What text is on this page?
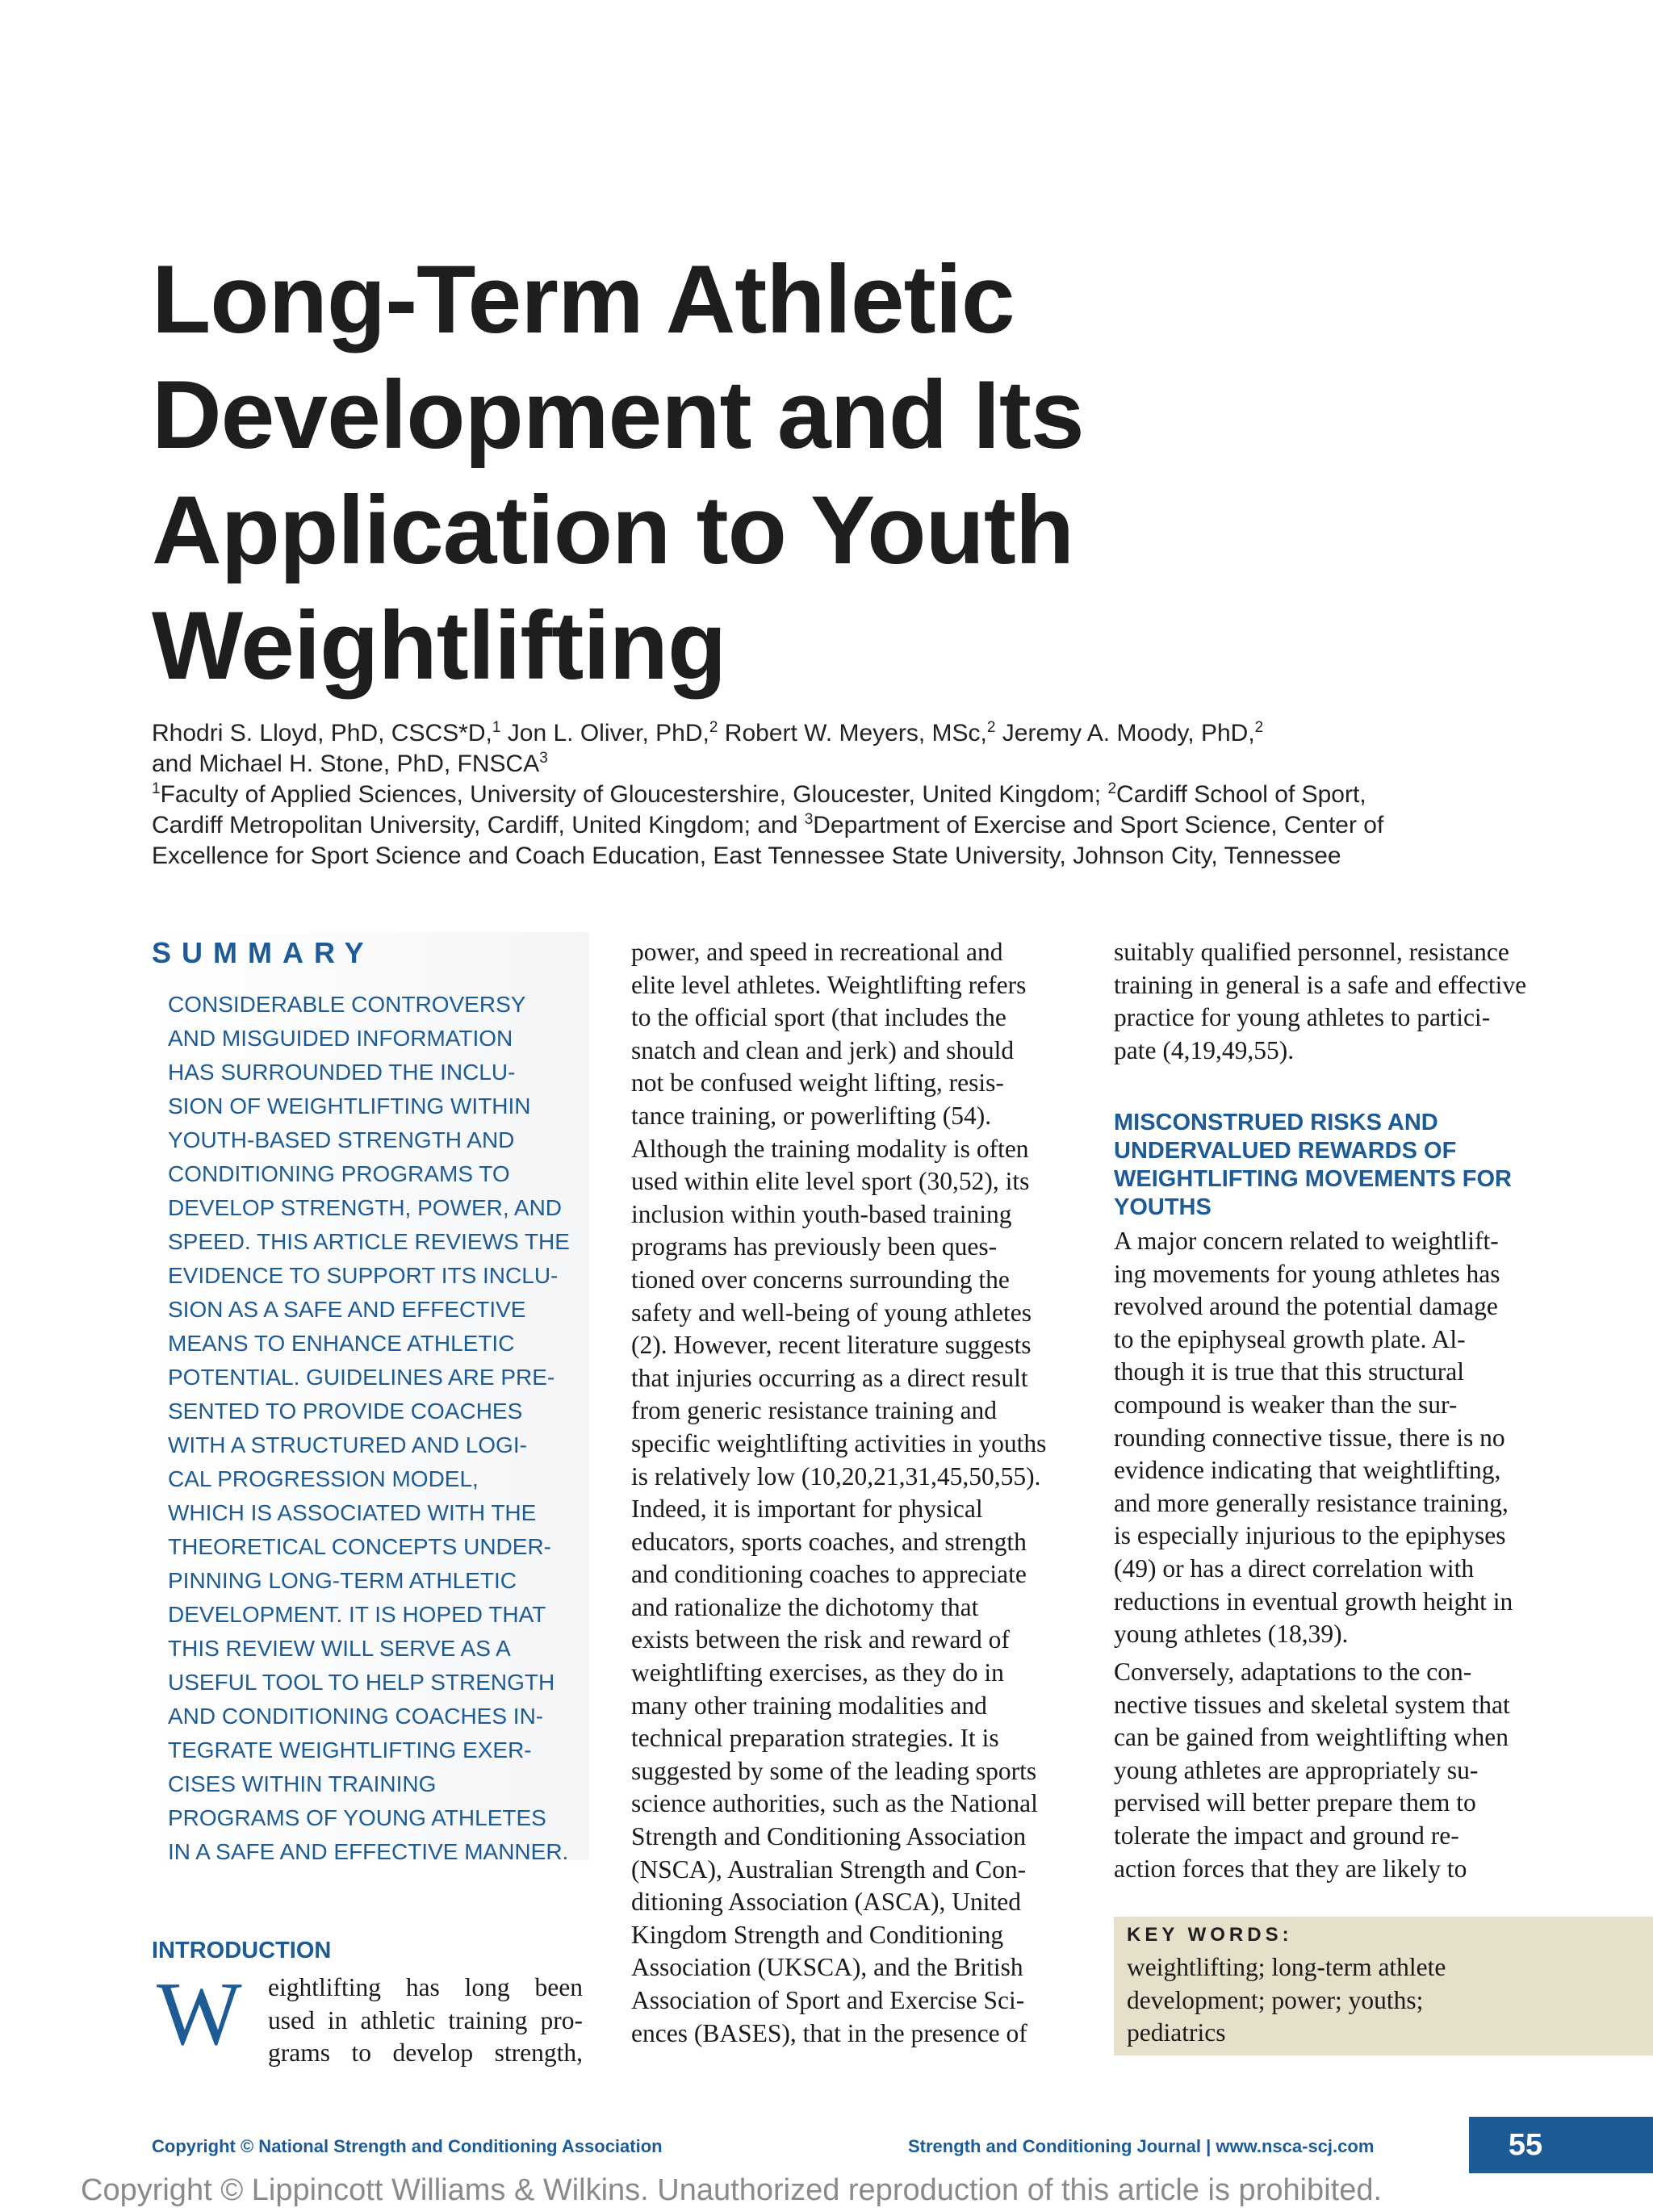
Long-Term Athletic
Development and Its
Application to Youth
Weightlifting
Rhodri S. Lloyd, PhD, CSCS*D,$^1$ Jon L. Oliver, PhD,$^2$ Robert W. Meyers, MSc,$^2$ Jeremy A. Moody, PhD,$^2$
and Michael H. Stone, PhD, FNSCA$^3$
$^1$Faculty of Applied Sciences, University of Gloucestershire, Gloucester, United Kingdom; $^2$Cardiff School of Sport,
Cardiff Metropolitan University, Cardiff, United Kingdom; and $^3$Department of Exercise and Sport Science, Center of
Excellence for Sport Science and Coach Education, East Tennessee State University, Johnson City, Tennessee
SUMMARY
CONSIDERABLE CONTROVERSY
AND MISGUIDED INFORMATION
HAS SURROUNDED THE INCLU-
SION OF WEIGHTLIFTING WITHIN
YOUTH-BASED STRENGTH AND
CONDITIONING PROGRAMS TO
DEVELOP STRENGTH, POWER, AND
SPEED. THIS ARTICLE REVIEWS THE
EVIDENCE TO SUPPORT ITS INCLU-
SION AS A SAFE AND EFFECTIVE
MEANS TO ENHANCE ATHLETIC
POTENTIAL. GUIDELINES ARE PRE-
SENTED TO PROVIDE COACHES
WITH A STRUCTURED AND LOGI-
CAL PROGRESSION MODEL,
WHICH IS ASSOCIATED WITH THE
THEORETICAL CONCEPTS UNDER-
PINNING LONG-TERM ATHLETIC
DEVELOPMENT. IT IS HOPED THAT
THIS REVIEW WILL SERVE AS A
USEFUL TOOL TO HELP STRENGTH
AND CONDITIONING COACHES IN-
TEGRATE WEIGHTLIFTING EXER-
CISES WITHIN TRAINING
PROGRAMS OF YOUNG ATHLETES
IN A SAFE AND EFFECTIVE MANNER.
INTRODUCTION
W eightlifting has long been
used in athletic training pro-
grams to develop strength,
power, and speed in recreational and
elite level athletes. Weightlifting refers
to the official sport (that includes the
snatch and clean and jerk) and should
not be confused weight lifting, resis-
tance training, or powerlifting (54).
Although the training modality is often
used within elite level sport (30,52), its
inclusion within youth-based training
programs has previously been ques-
tioned over concerns surrounding the
safety and well-being of young athletes
(2). However, recent literature suggests
that injuries occurring as a direct result
from generic resistance training and
specific weightlifting activities in youths
is relatively low (10,20,21,31,45,50,55).
Indeed, it is important for physical
educators, sports coaches, and strength
and conditioning coaches to appreciate
and rationalize the dichotomy that
exists between the risk and reward of
weightlifting exercises, as they do in
many other training modalities and
technical preparation strategies. It is
suggested by some of the leading sports
science authorities, such as the National
Strength and Conditioning Association
(NSCA), Australian Strength and Con-
ditioning Association (ASCA), United
Kingdom Strength and Conditioning
Association (UKSCA), and the British
Association of Sport and Exercise Sci-
ences (BASES), that in the presence of
suitably qualified personnel, resistance
training in general is a safe and effective
practice for young athletes to partici-
pate (4,19,49,55).
MISCONSTRUED RISKS AND
UNDERVALUED REWARDS OF
WEIGHTLIFTING MOVEMENTS FOR
YOUTHS
A major concern related to weightlift-
ing movements for young athletes has
revolved around the potential damage
to the epiphyseal growth plate. Al-
though it is true that this structural
compound is weaker than the sur-
rounding connective tissue, there is no
evidence indicating that weightlifting,
and more generally resistance training,
is especially injurious to the epiphyses
(49) or has a direct correlation with
reductions in eventual growth height in
young athletes (18,39).
Conversely, adaptations to the con-
nective tissues and skeletal system that
can be gained from weightlifting when
young athletes are appropriately su-
pervised will better prepare them to
tolerate the impact and ground re-
action forces that they are likely to
KEY WORDS:
weightlifting; long-term athlete
development; power; youths;
pediatrics
Copyright © National Strength and Conditioning Association	Strength and Conditioning Journal | www.nsca-scj.com	55
Copyright © Lippincott Williams & Wilkins. Unauthorized reproduction of this article is prohibited.
